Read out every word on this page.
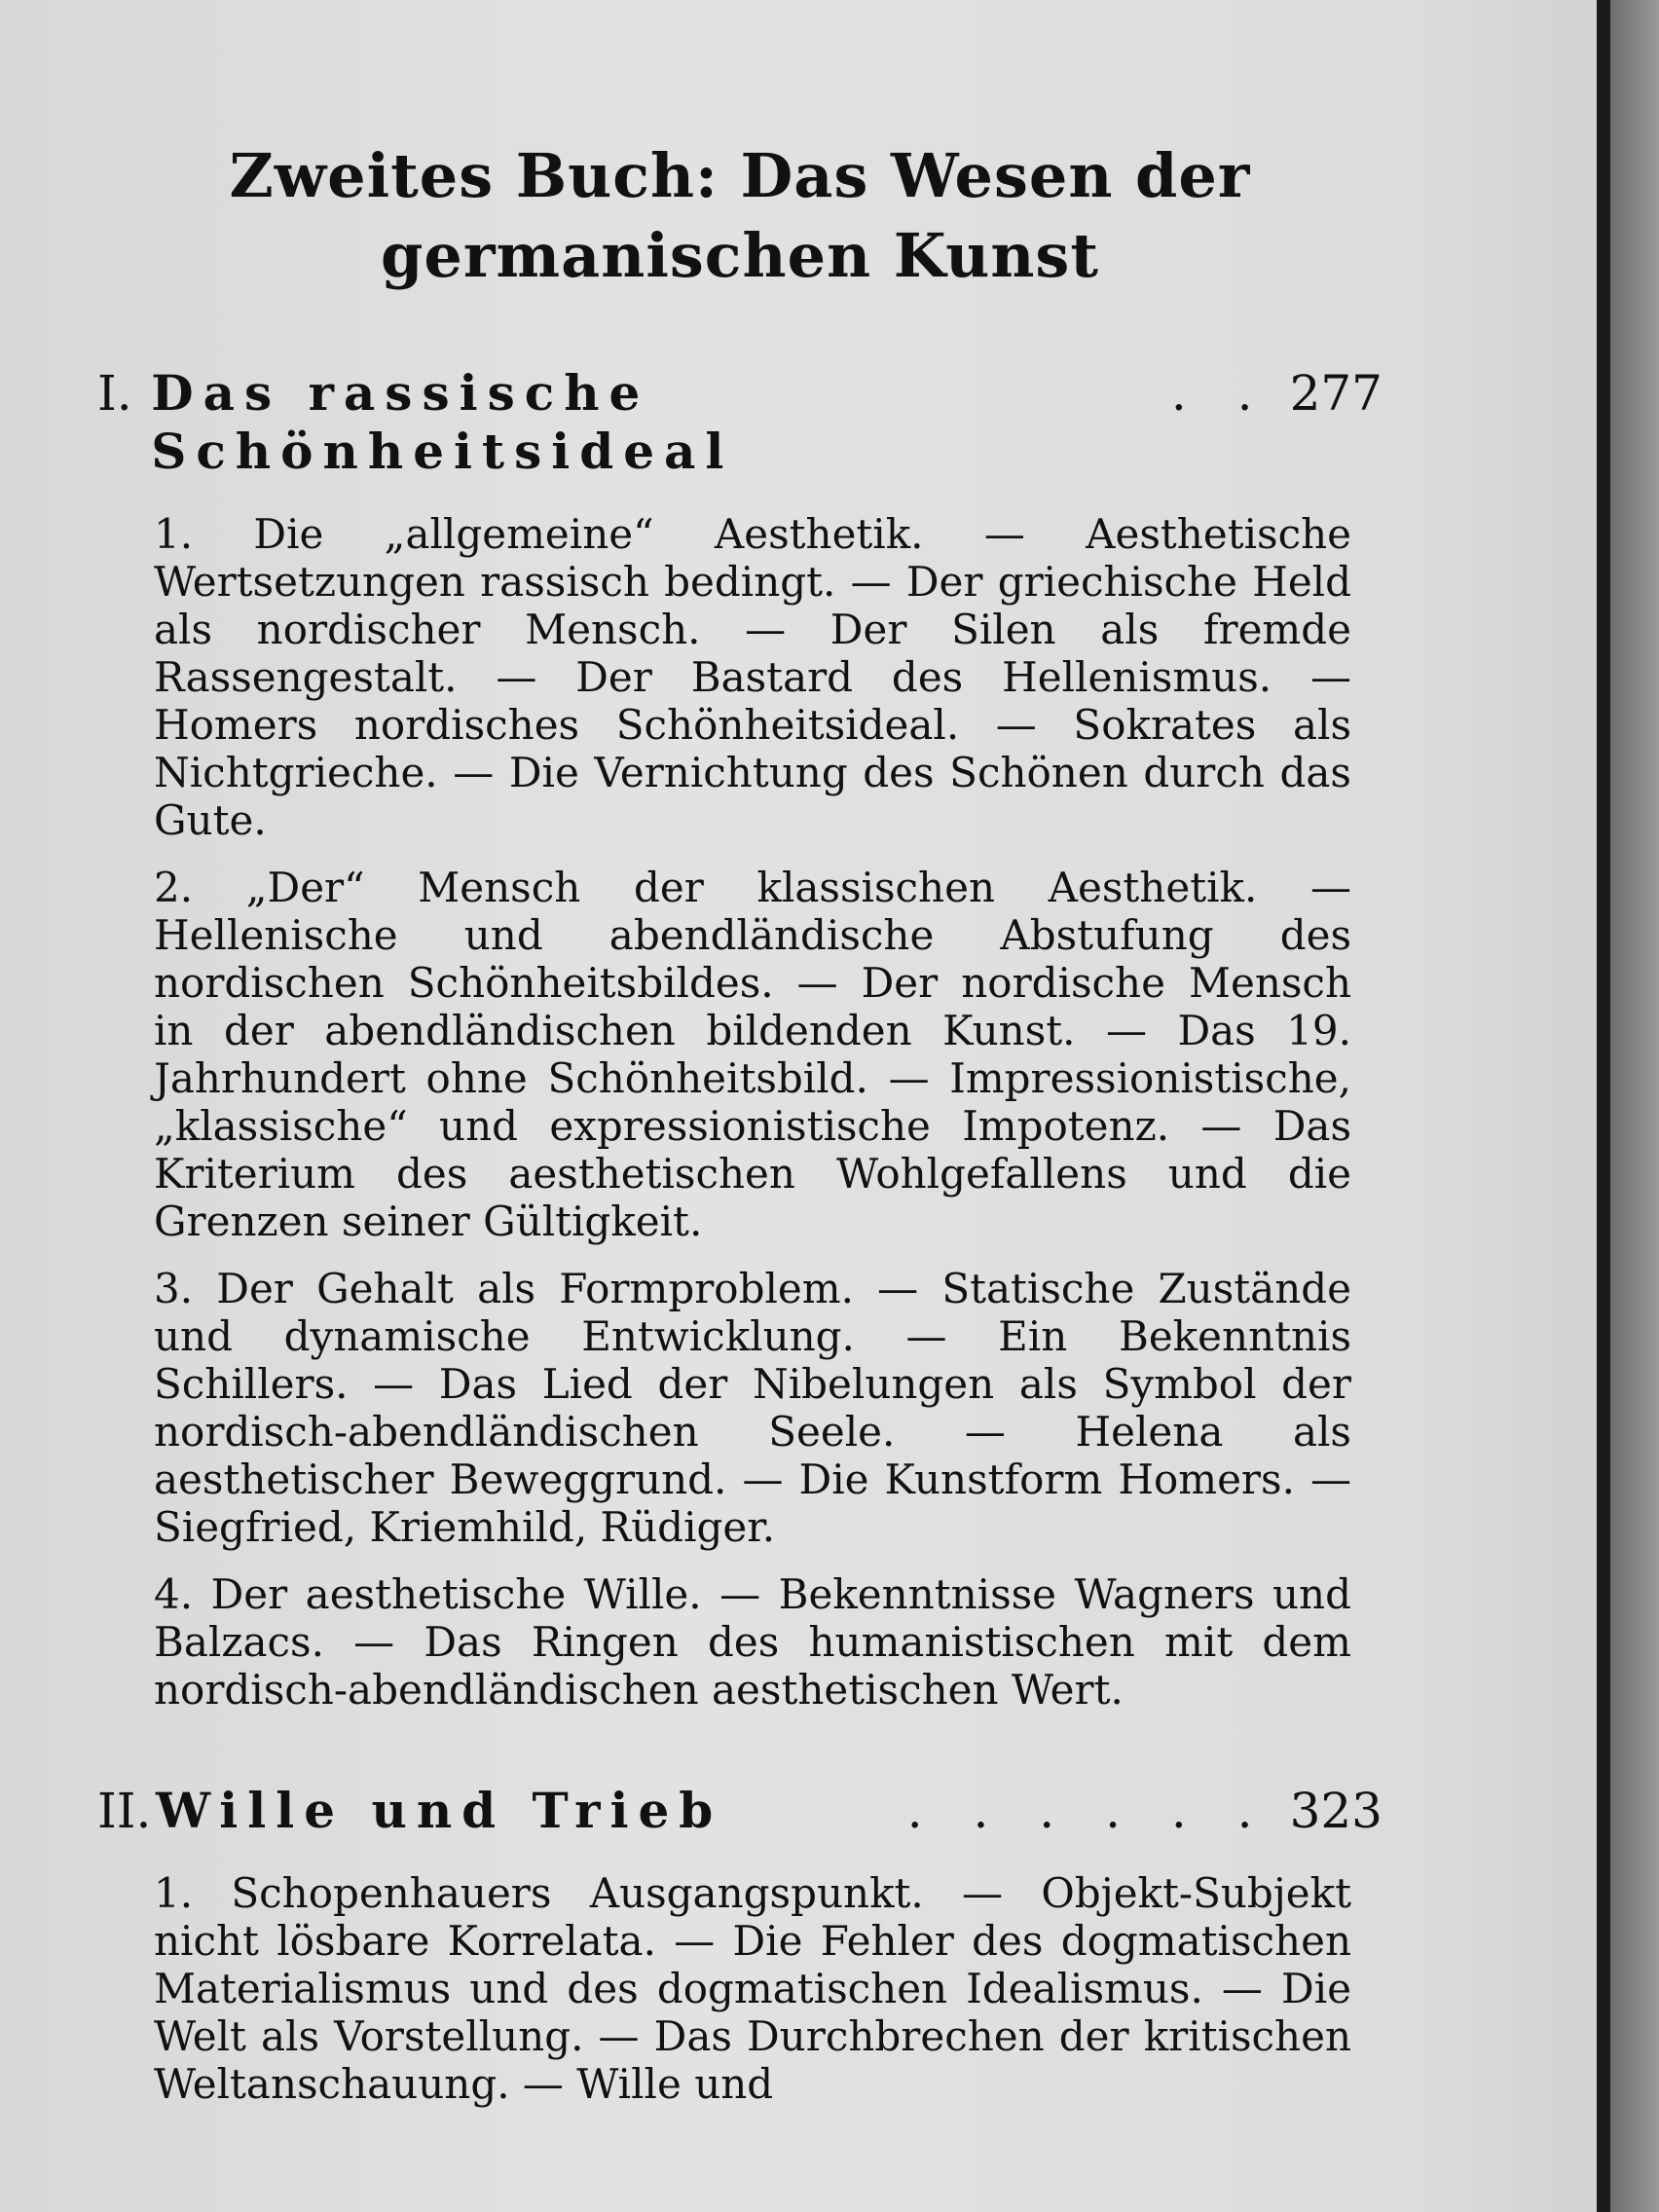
Zweites Buch: Das Wesen der germanischen Kunst
I. Das rassische Schönheitsideal
. . 277

1. Die „allgemeine“ Aesthetik. — Aesthetische Wertsetzungen rassisch bedingt. — Der griechische Held als nordischer Mensch. — Der Silen als fremde Rassengestalt. — Der Bastard des Hellenismus. — Homers nordisches Schönheitsideal. — Sokrates als Nichtgrieche. — Die Vernichtung des Schönen durch das Gute.

2. „Der“ Mensch der klassischen Aesthetik. — Hellenische und abendländische Abstufung des nordischen Schönheitsbildes. — Der nordische Mensch in der abendländischen bildenden Kunst. — Das 19. Jahrhundert ohne Schönheitsbild. — Impressionistische, „klassische“ und expressionistische Impotenz. — Das Kriterium des aesthetischen Wohlgefallens und die Grenzen seiner Gültigkeit.

3. Der Gehalt als Formproblem. — Statische Zustände und dynamische Entwicklung. — Ein Bekenntnis Schillers. — Das Lied der Nibelungen als Symbol der nordisch-abendländischen Seele. — Helena als aesthetischer Beweggrund. — Die Kunstform Homers. — Siegfried, Kriemhild, Rüdiger.

4. Der aesthetische Wille. — Bekenntnisse Wagners und Balzacs. — Das Ringen des humanistischen mit dem nordisch-abendländischen aesthetischen Wert.

II. Wille und Trieb	. . . . . . 323

1. Schopenhauers Ausgangspunkt. — Objekt-Subjekt nicht lösbare Korrelata. — Die Fehler des dogmatischen Materialismus und des dogmatischen Idealismus. — Die Welt als Vorstellung. — Das Durchbrechen der kritischen Weltanschauung. — Wille und
